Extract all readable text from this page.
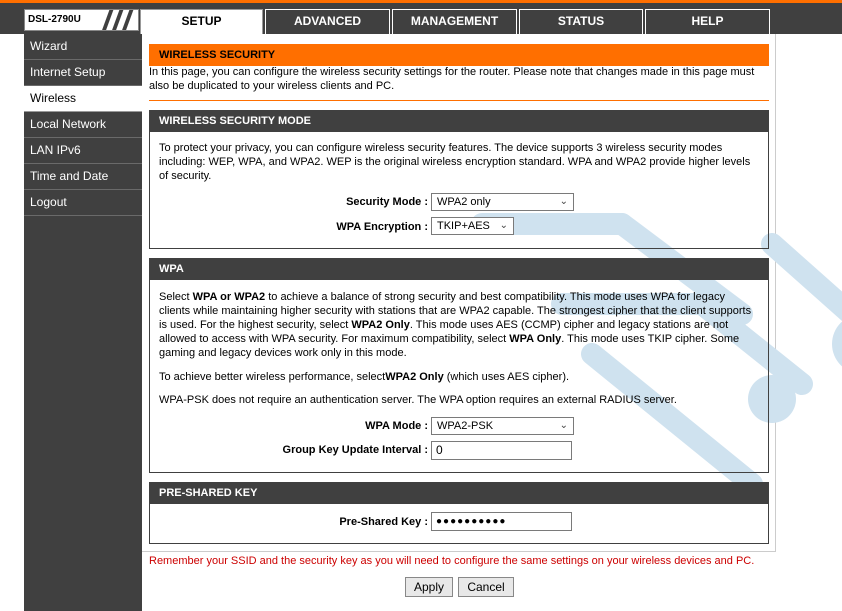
DSL-2790U	SETUP	ADVANCED	MANAGEMENT	STATUS	HELP
Wizard
Internet Setup
Wireless
Local Network
LAN IPv6
Time and Date
Logout
WIRELESS SECURITY
In this page, you can configure the wireless security settings for the router. Please note that changes made in this page must also be duplicated to your wireless clients and PC.
WIRELESS SECURITY MODE
To protect your privacy, you can configure wireless security features. The device supports 3 wireless security modes including: WEP, WPA, and WPA2. WEP is the original wireless encryption standard. WPA and WPA2 provide higher levels of security.
Security Mode : WPA2 only	⌄
WPA Encryption : TKIP+AES ⌄
WPA
Select WPA or WPA2 to achieve a balance of strong security and best compatibility. This mode uses WPA for legacy clients while maintaining higher security with stations that are WPA2 capable. The strongest cipher that the client supports is used. For the highest security, select WPA2 Only. This mode uses AES (CCMP) cipher and legacy stations are not allowed to access with WPA security. For maximum compatibility, select WPA Only. This mode uses TKIP cipher. Some gaming and legacy devices work only in this mode.
To achieve better wireless performance, selectWPA2 Only (which uses AES cipher).
WPA-PSK does not require an authentication server. The WPA option requires an external RADIUS server.
WPA Mode : WPA2-PSK	⌄
Group Key Update Interval : 0
PRE-SHARED KEY
Pre-Shared Key : ●●●●●●●●●●
Remember your SSID and the security key as you will need to configure the same settings on your wireless devices and PC.
Apply	Cancel
